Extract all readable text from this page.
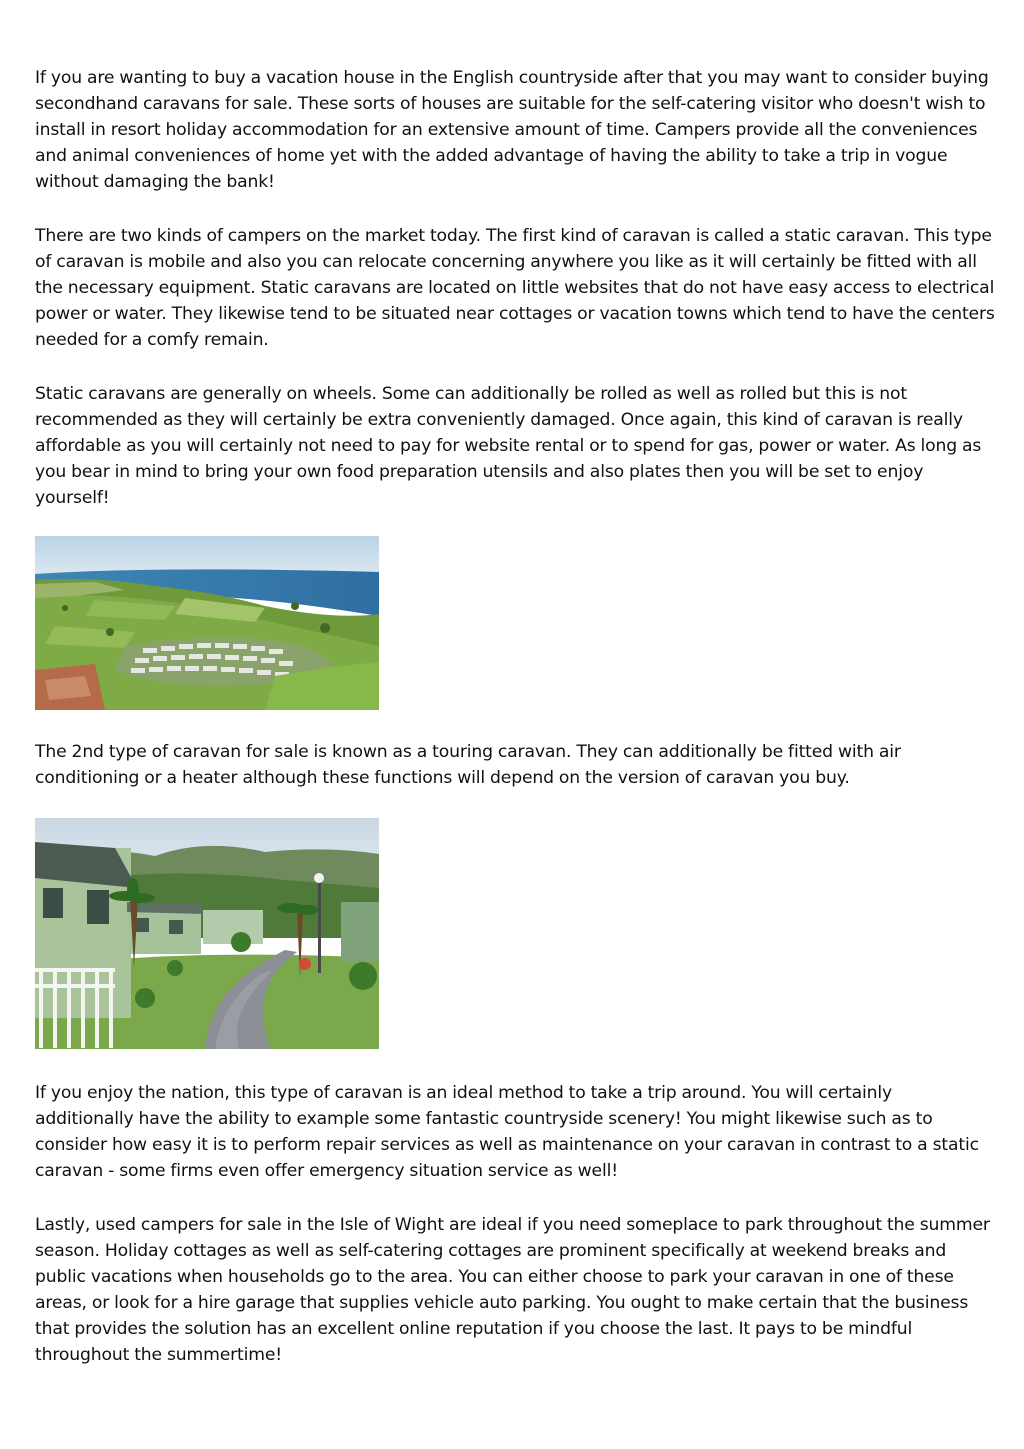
If you are wanting to buy a vacation house in the English countryside after that you may want to consider buying secondhand caravans for sale. These sorts of houses are suitable for the self-catering visitor who doesn't wish to install in resort holiday accommodation for an extensive amount of time. Campers provide all the conveniences and animal conveniences of home yet with the added advantage of having the ability to take a trip in vogue without damaging the bank!

There are two kinds of campers on the market today. The first kind of caravan is called a static caravan. This type of caravan is mobile and also you can relocate concerning anywhere you like as it will certainly be fitted with all the necessary equipment. Static caravans are located on little websites that do not have easy access to electrical power or water. They likewise tend to be situated near cottages or vacation towns which tend to have the centers needed for a comfy remain.

Static caravans are generally on wheels. Some can additionally be rolled as well as rolled but this is not recommended as they will certainly be extra conveniently damaged. Once again, this kind of caravan is really affordable as you will certainly not need to pay for website rental or to spend for gas, power or water. As long as you bear in mind to bring your own food preparation utensils and also plates then you will be set to enjoy yourself!

The 2nd type of caravan for sale is known as a touring caravan. They can additionally be fitted with air conditioning or a heater although these functions will depend on the version of caravan you buy.

If you enjoy the nation, this type of caravan is an ideal method to take a trip around. You will certainly additionally have the ability to example some fantastic countryside scenery! You might likewise such as to consider how easy it is to perform repair services as well as maintenance on your caravan in contrast to a static caravan - some firms even offer emergency situation service as well!

Lastly, used campers for sale in the Isle of Wight are ideal if you need someplace to park throughout the summer season. Holiday cottages as well as self-catering cottages are prominent specifically at weekend breaks and public vacations when households go to the area. You can either choose to park your caravan in one of these areas, or look for a hire garage that supplies vehicle auto parking. You ought to make certain that the business that provides the solution has an excellent online reputation if you choose the last. It pays to be mindful throughout the summertime!
